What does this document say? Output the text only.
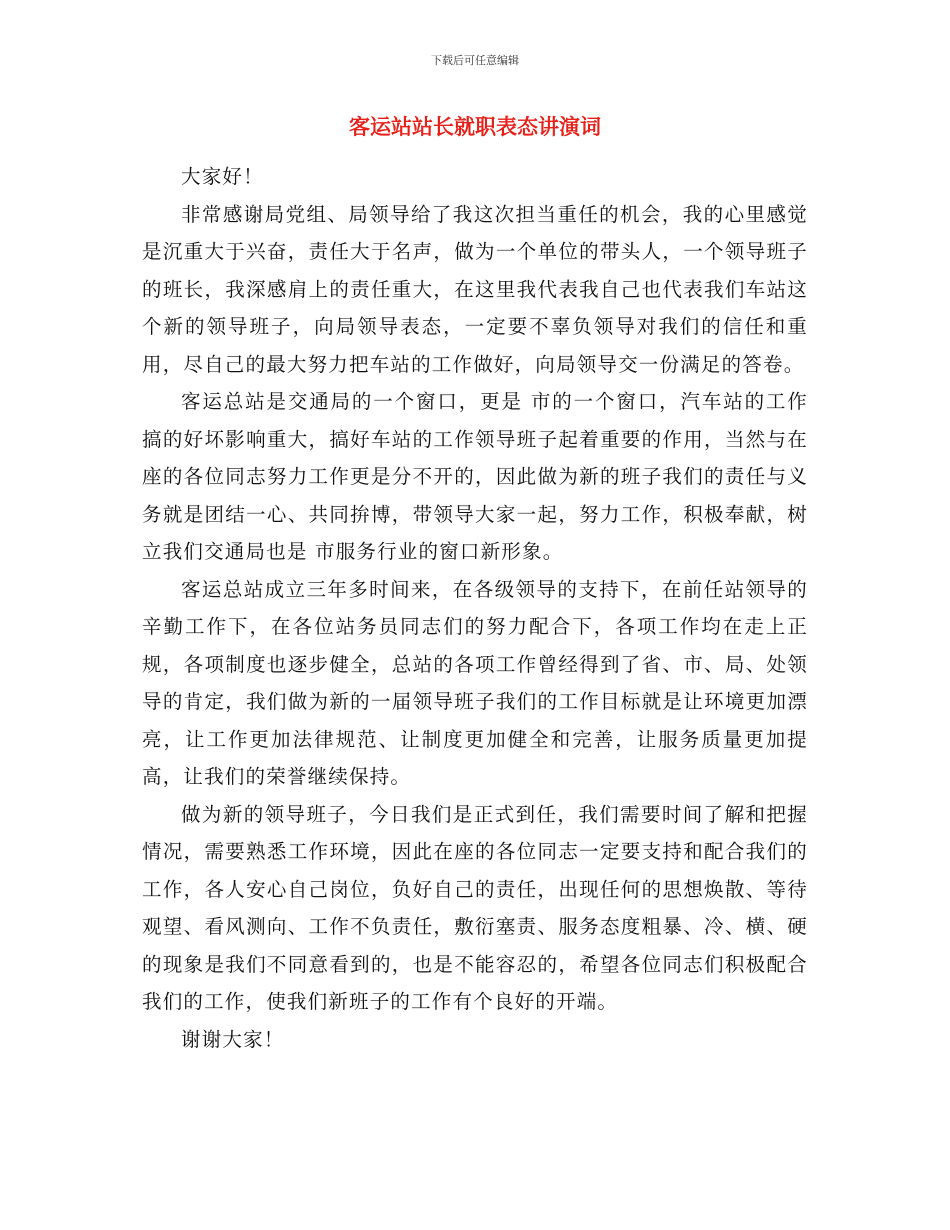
下载后可任意编辑
客运站站长就职表态讲演词

大家好！

非常感谢局党组、局领导给了我这次担当重任的机会，我的心里感觉是沉重大于兴奋，责任大于名声，做为一个单位的带头人，一个领导班子的班长，我深感肩上的责任重大，在这里我代表我自己也代表我们车站这个新的领导班子，向局领导表态，一定要不辜负领导对我们的信任和重用，尽自己的最大努力把车站的工作做好，向局领导交一份满足的答卷。

客运总站是交通局的一个窗口，更是 市的一个窗口，汽车站的工作搞的好坏影响重大，搞好车站的工作领导班子起着重要的作用，当然与在座的各位同志努力工作更是分不开的，因此做为新的班子我们的责任与义务就是团结一心、共同拚博，带领导大家一起，努力工作，积极奉献，树立我们交通局也是 市服务行业的窗口新形象。

客运总站成立三年多时间来，在各级领导的支持下，在前任站领导的辛勤工作下，在各位站务员同志们的努力配合下，各项工作均在走上正规，各项制度也逐步健全，总站的各项工作曾经得到了省、市、局、处领导的肯定，我们做为新的一届领导班子我们的工作目标就是让环境更加漂亮，让工作更加法律规范、让制度更加健全和完善，让服务质量更加提高，让我们的荣誉继续保持。

做为新的领导班子，今日我们是正式到任，我们需要时间了解和把握情况，需要熟悉工作环境，因此在座的各位同志一定要支持和配合我们的工作，各人安心自己岗位，负好自己的责任，出现任何的思想焕散、等待观望、看风测向、工作不负责任，敷衍塞责、服务态度粗暴、冷、横、硬的现象是我们不同意看到的，也是不能容忍的，希望各位同志们积极配合我们的工作，使我们新班子的工作有个良好的开端。

谢谢大家！
